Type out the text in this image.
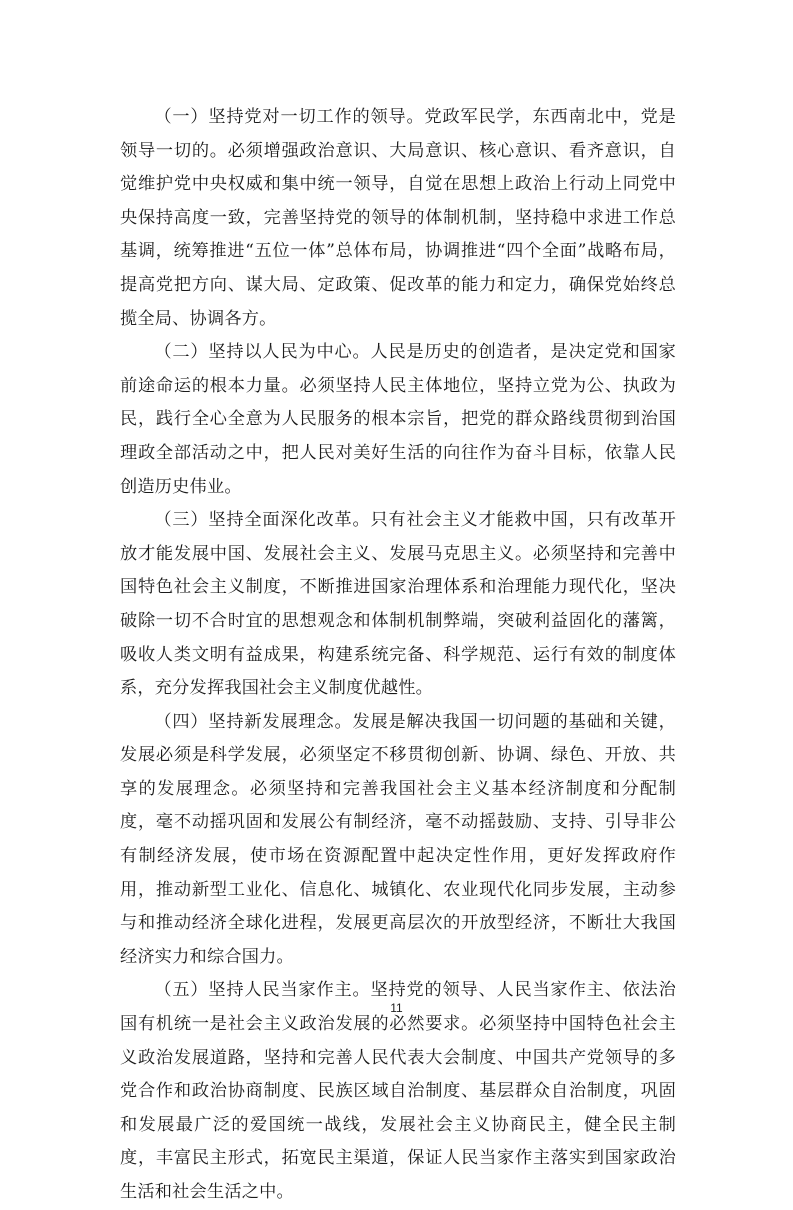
（一）坚持党对一切工作的领导。党政军民学，东西南北中，党是领导一切的。必须增强政治意识、大局意识、核心意识、看齐意识，自觉维护党中央权威和集中统一领导，自觉在思想上政治上行动上同党中央保持高度一致，完善坚持党的领导的体制机制，坚持稳中求进工作总基调，统筹推进“五位一体”总体布局，协调推进“四个全面”战略布局，提高党把方向、谋大局、定政策、促改革的能力和定力，确保党始终总揽全局、协调各方。

（二）坚持以人民为中心。人民是历史的创造者，是决定党和国家前途命运的根本力量。必须坚持人民主体地位，坚持立党为公、执政为民，践行全心全意为人民服务的根本宗旨，把党的群众路线贯彻到治国理政全部活动之中，把人民对美好生活的向往作为奋斗目标，依靠人民创造历史伟业。

（三）坚持全面深化改革。只有社会主义才能救中国，只有改革开放才能发展中国、发展社会主义、发展马克思主义。必须坚持和完善中国特色社会主义制度，不断推进国家治理体系和治理能力现代化，坚决破除一切不合时宜的思想观念和体制机制弊端，突破利益固化的藩篱，吸收人类文明有益成果，构建系统完备、科学规范、运行有效的制度体系，充分发挥我国社会主义制度优越性。

（四）坚持新发展理念。发展是解决我国一切问题的基础和关键，发展必须是科学发展，必须坚定不移贯彻创新、协调、绿色、开放、共享的发展理念。必须坚持和完善我国社会主义基本经济制度和分配制度，毫不动摇巩固和发展公有制经济，毫不动摇鼓励、支持、引导非公有制经济发展，使市场在资源配置中起决定性作用，更好发挥政府作用，推动新型工业化、信息化、城镇化、农业现代化同步发展，主动参与和推动经济全球化进程，发展更高层次的开放型经济，不断壮大我国经济实力和综合国力。

（五）坚持人民当家作主。坚持党的领导、人民当家作主、依法治国有机统一是社会主义政治发展的必然要求。必须坚持中国特色社会主义政治发展道路，坚持和完善人民代表大会制度、中国共产党领导的多党合作和政治协商制度、民族区域自治制度、基层群众自治制度，巩固和发展最广泛的爱国统一战线，发展社会主义协商民主，健全民主制度，丰富民主形式，拓宽民主渠道，保证人民当家作主落实到国家政治生活和社会生活之中。

11
